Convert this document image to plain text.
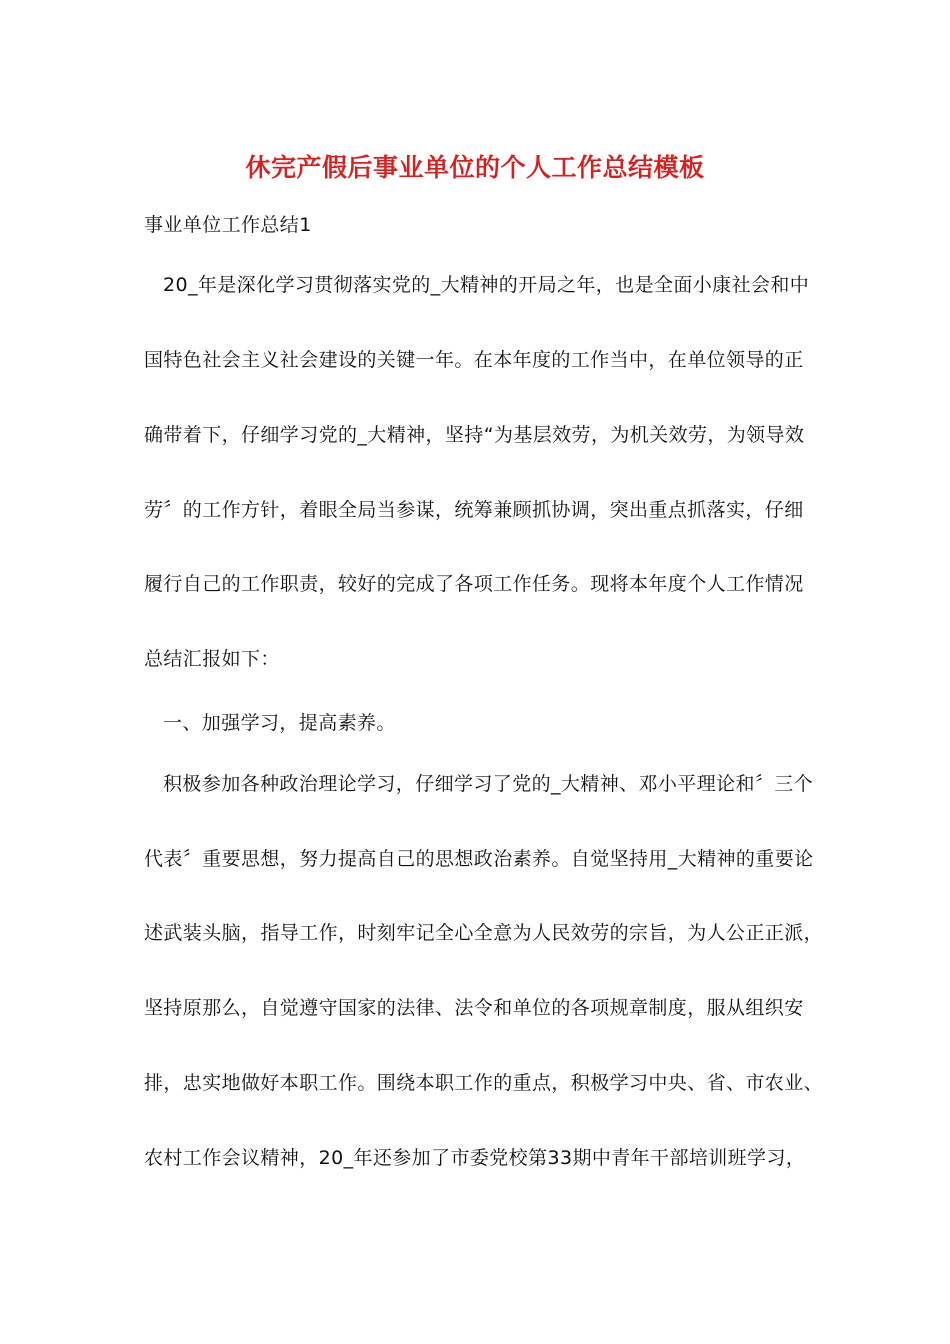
休完产假后事业单位的个人工作总结模板

事业单位工作总结1

20_年是深化学习贯彻落实党的_大精神的开局之年，也是全面小康社会和中

国特色社会主义社会建设的关键一年。在本年度的工作当中，在单位领导的正

确带着下，仔细学习党的_大精神，坚持“为基层效劳，为机关效劳，为领导效

劳〞的工作方针，着眼全局当参谋，统筹兼顾抓协调，突出重点抓落实，仔细

履行自己的工作职责，较好的完成了各项工作任务。现将本年度个人工作情况

总结汇报如下：

一、加强学习，提高素养。

积极参加各种政治理论学习，仔细学习了党的_大精神、邓小平理论和〞三个

代表〞重要思想，努力提高自己的思想政治素养。自觉坚持用_大精神的重要论

述武装头脑，指导工作，时刻牢记全心全意为人民效劳的宗旨，为人公正正派，

坚持原那么，自觉遵守国家的法律、法令和单位的各项规章制度，服从组织安

排，忠实地做好本职工作。围绕本职工作的重点，积极学习中央、省、市农业、

农村工作会议精神，20_年还参加了市委党校第33期中青年干部培训班学习，
